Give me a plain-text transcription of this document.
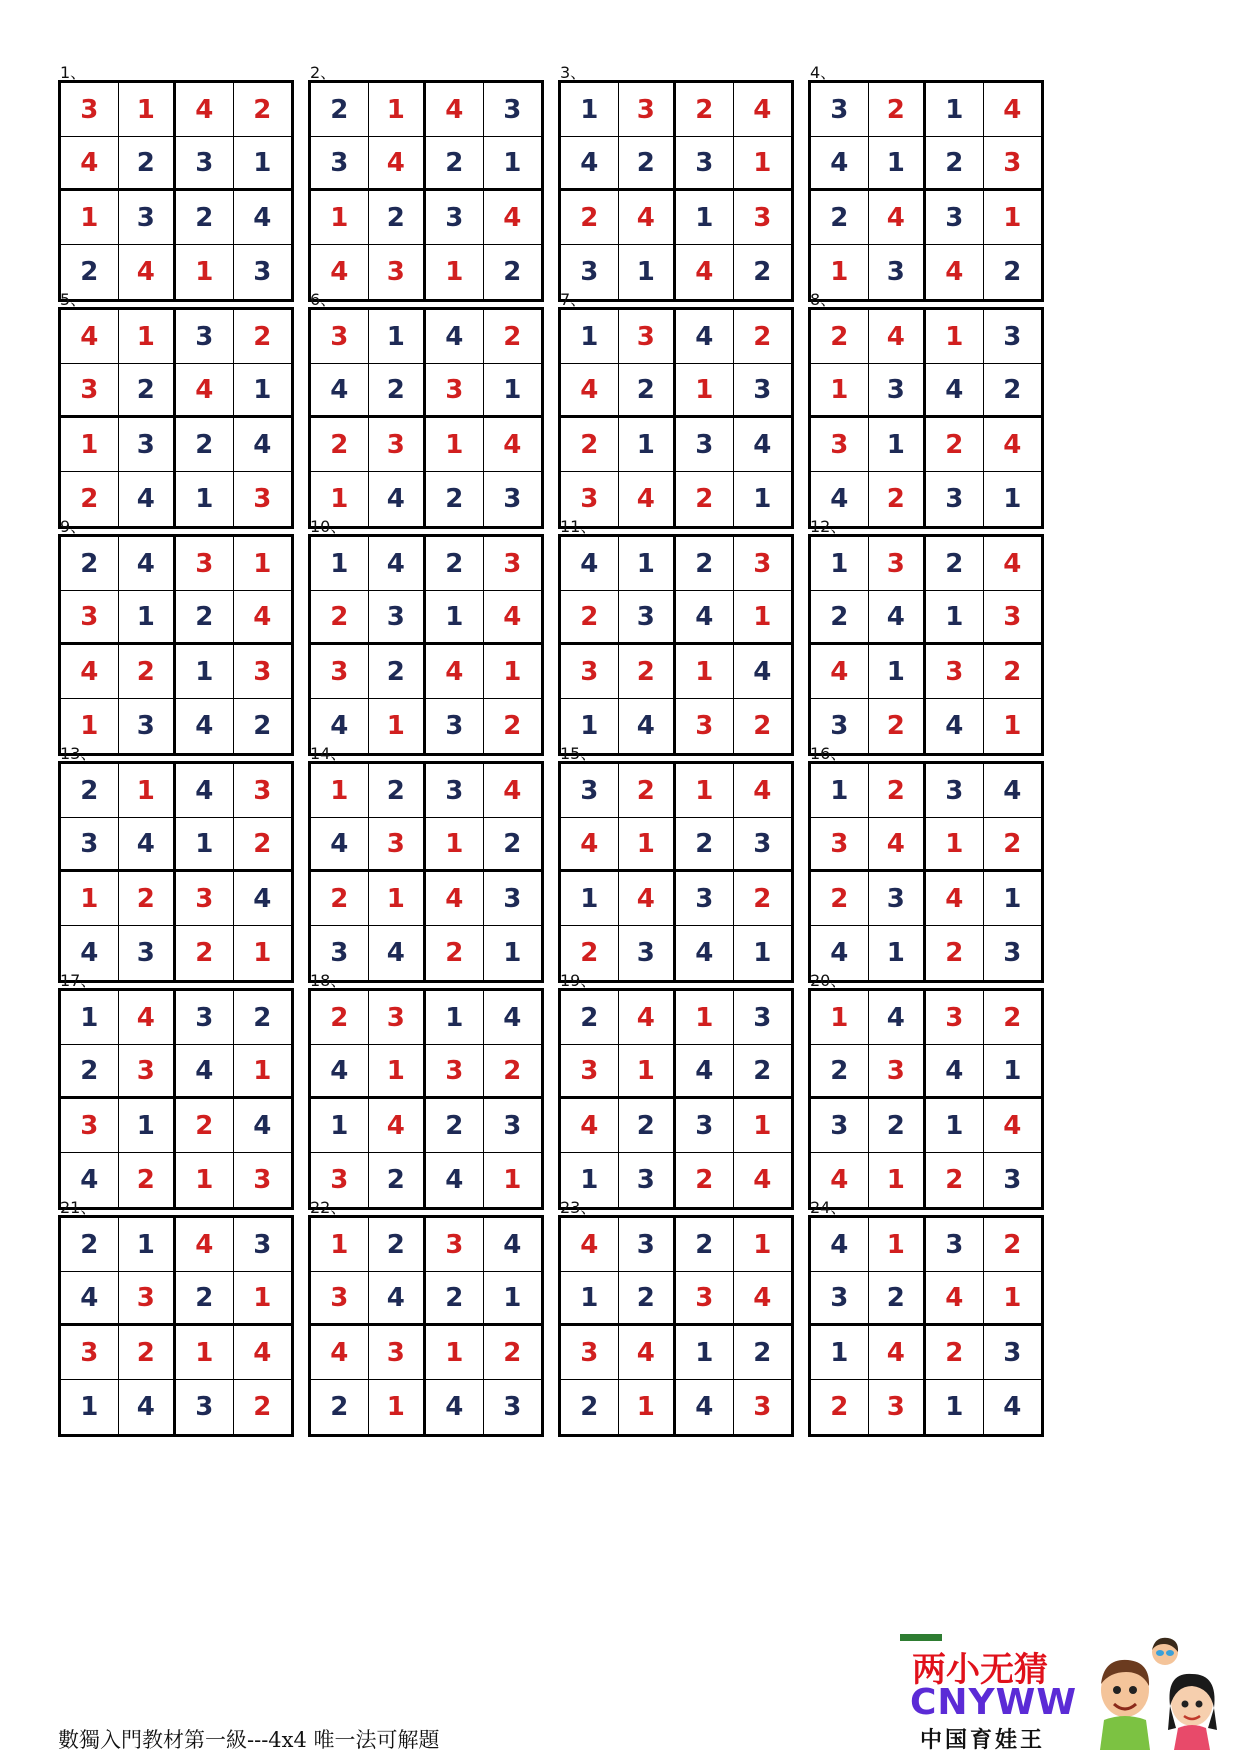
1、
3	1	4	2
4	2	3	1
1	3	2	4
2	4	1	3
2、
2	1	4	3
3	4	2	1
1	2	3	4
4	3	1	2
3、
1	3	2	4
4	2	3	1
2	4	1	3
3	1	4	2
4、
3	2	1	4
4	1	2	3
2	4	3	1
1	3	4	2
5、
4	1	3	2
3	2	4	1
1	3	2	4
2	4	1	3
6、
3	1	4	2
4	2	3	1
2	3	1	4
1	4	2	3
7、
1	3	4	2
4	2	1	3
2	1	3	4
3	4	2	1
8、
2	4	1	3
1	3	4	2
3	1	2	4
4	2	3	1
9、
2	4	3	1
3	1	2	4
4	2	1	3
1	3	4	2
10、
1	4	2	3
2	3	1	4
3	2	4	1
4	1	3	2
11、
4	1	2	3
2	3	4	1
3	2	1	4
1	4	3	2
12、
1	3	2	4
2	4	1	3
4	1	3	2
3	2	4	1
13、
2	1	4	3
3	4	1	2
1	2	3	4
4	3	2	1
14、
1	2	3	4
4	3	1	2
2	1	4	3
3	4	2	1
15、
3	2	1	4
4	1	2	3
1	4	3	2
2	3	4	1
16、
1	2	3	4
3	4	1	2
2	3	4	1
4	1	2	3
17、
1	4	3	2
2	3	4	1
3	1	2	4
4	2	1	3
18、
2	3	1	4
4	1	3	2
1	4	2	3
3	2	4	1
19、
2	4	1	3
3	1	4	2
4	2	3	1
1	3	2	4
20、
1	4	3	2
2	3	4	1
3	2	1	4
4	1	2	3
21、
2	1	4	3
4	3	2	1
3	2	1	4
1	4	3	2
22、
1	2	3	4
3	4	2	1
4	3	1	2
2	1	4	3
23、
4	3	2	1
1	2	3	4
3	4	1	2
2	1	4	3
24、
4	1	3	2
3	2	4	1
1	4	2	3
2	3	1	4
數獨入門教材第一級---4x4 唯一法可解題
两小无猜
CNYWW
中国育娃王
